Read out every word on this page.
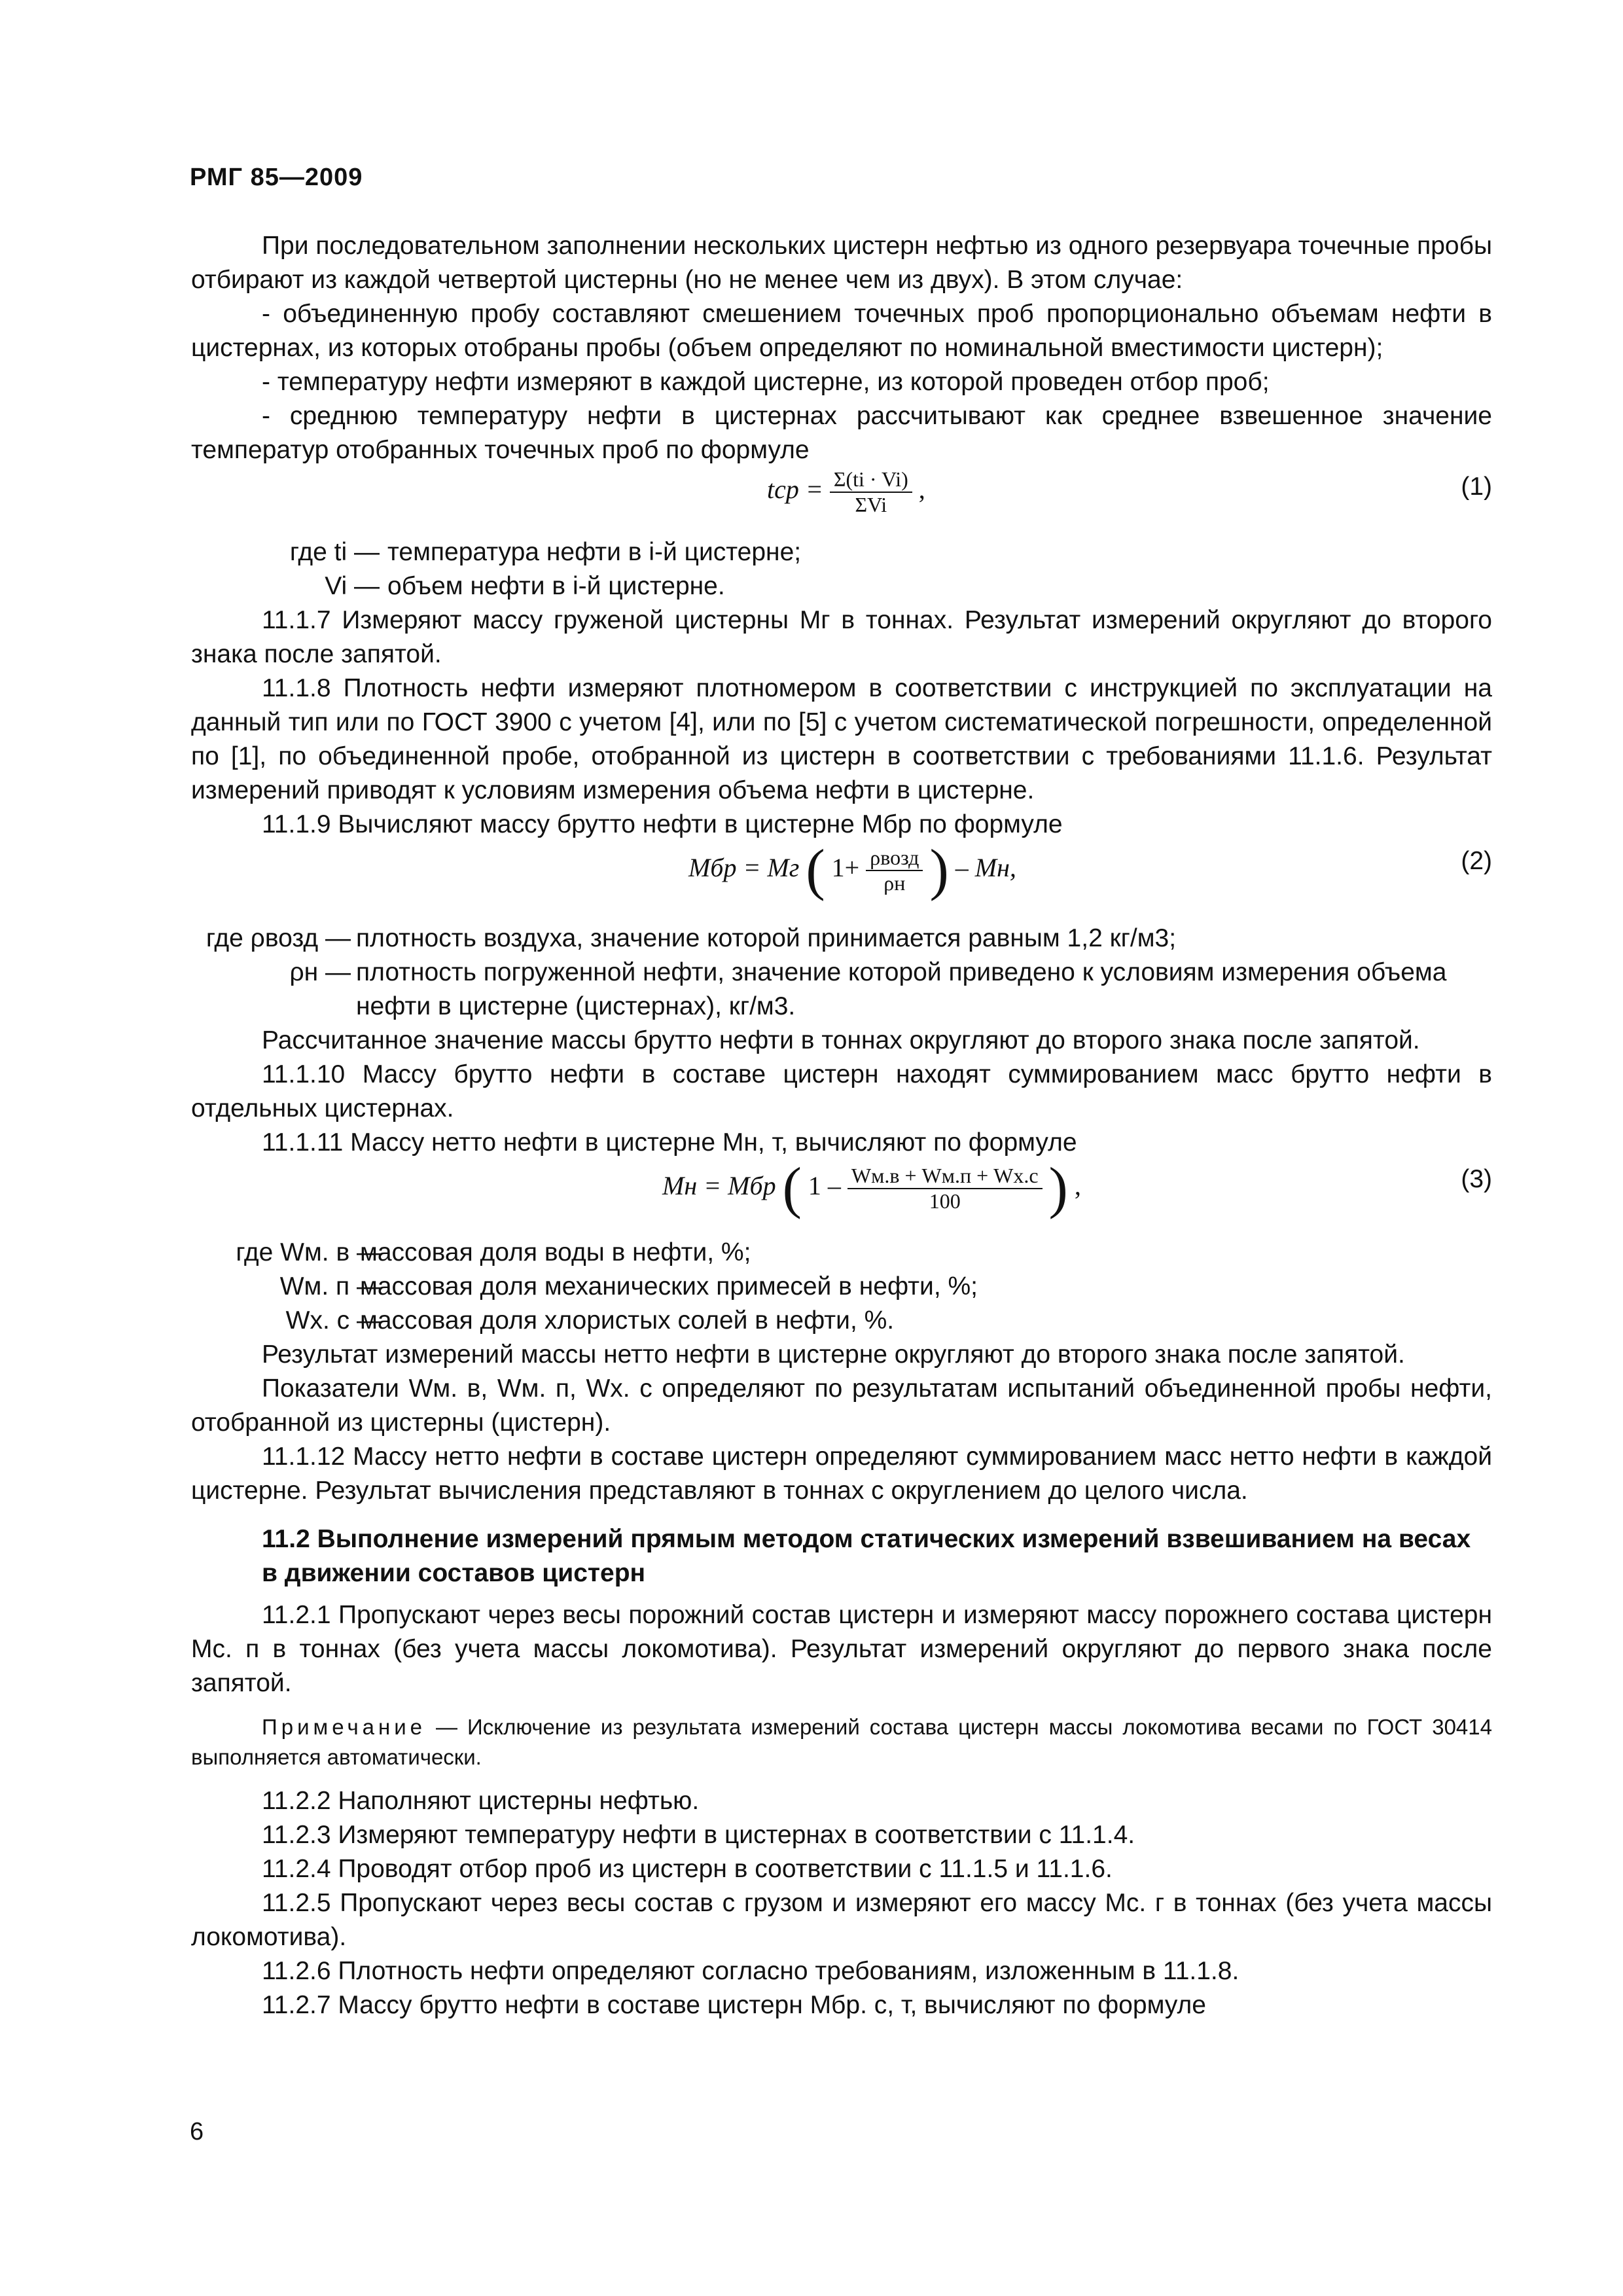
РМГ 85—2009

При последовательном заполнении нескольких цистерн нефтью из одного резервуара точечные пробы отбирают из каждой четвертой цистерны (но не менее чем из двух). В этом случае:

- объединенную пробу составляют смешением точечных проб пропорционально объемам нефти в цистернах, из которых отобраны пробы (объем определяют по номинальной вместимости цистерн);

- температуру нефти измеряют в каждой цистерне, из которой проведен отбор проб;

- среднюю температуру нефти в цистернах рассчитывают как среднее взвешенное значение температур отобранных точечных проб по формуле

tср = $\frac{\Sigma(ti \cdot Vi)}{\text{ΣVi}}$ ,	(1)
где ti — температура нефти в i-й цистерне;
Vi — объем нефти в i-й цистерне.

11.1.7 Измеряют массу груженой цистерны Mг в тоннах. Результат измерений округляют до второго знака после запятой.

11.1.8 Плотность нефти измеряют плотномером в соответствии с инструкцией по эксплуатации на данный тип или по ГОСТ 3900 с учетом [4], или по [5] с учетом систематической погрешности, определенной по [1], по объединенной пробе, отобранной из цистерн в соответствии с требованиями 11.1.6. Результат измерений приводят к условиям измерения объема нефти в цистерне.

11.1.9 Вычисляют массу брутто нефти в цистерне Mбр по формуле

Mбр = Mг ( $1+ \frac{\text{ρвозд}}{\rho н}$ ) – Mн,	(2)
где ρвозд — плотность воздуха, значение которой принимается равным 1,2 кг/м3;
ρн — плотность погруженной нефти, значение которой приведено к условиям измерения объема
нефти в цистерне (цистернах), кг/м3.

Рассчитанное значение массы брутто нефти в тоннах округляют до второго знака после запятой.

11.1.10 Массу брутто нефти в составе цистерн находят суммированием масс брутто нефти в отдельных цистернах.

11.1.11 Массу нетто нефти в цистерне Mн, т, вычисляют по формуле

Mн = Mбр ( $1 - \frac{Wм.в + Wм.п + Wх.с}{100}$ ) ,	(3)
где Wм. в —
массовая доля воды в нефти, %;
Wм. п —
массовая доля механических примесей в нефти, %;
Wх. с —
массовая доля хлористых солей в нефти, %.

Результат измерений массы нетто нефти в цистерне округляют до второго знака после запятой.

Показатели Wм. в, Wм. п, Wх. с определяют по результатам испытаний объединенной пробы нефти, отобранной из цистерны (цистерн).

11.1.12 Массу нетто нефти в составе цистерн определяют суммированием масс нетто нефти в каждой цистерне. Результат вычисления представляют в тоннах с округлением до целого числа.

11.2 Выполнение измерений прямым методом статических измерений взвешиванием на весах в движении составов цистерн

11.2.1 Пропускают через весы порожний состав цистерн и измеряют массу порожнего состава цистерн Mс. п в тоннах (без учета массы локомотива). Результат измерений округляют до первого знака после запятой.

Примечание — Исключение из результата измерений состава цистерн массы локомотива весами по ГОСТ 30414 выполняется автоматически.

11.2.2 Наполняют цистерны нефтью.

11.2.3 Измеряют температуру нефти в цистернах в соответствии с 11.1.4.

11.2.4 Проводят отбор проб из цистерн в соответствии с 11.1.5 и 11.1.6.

11.2.5 Пропускают через весы состав с грузом и измеряют его массу Mс. г в тоннах (без учета массы локомотива).

11.2.6 Плотность нефти определяют согласно требованиям, изложенным в 11.1.8.

11.2.7 Массу брутто нефти в составе цистерн Mбр. с, т, вычисляют по формуле

6
